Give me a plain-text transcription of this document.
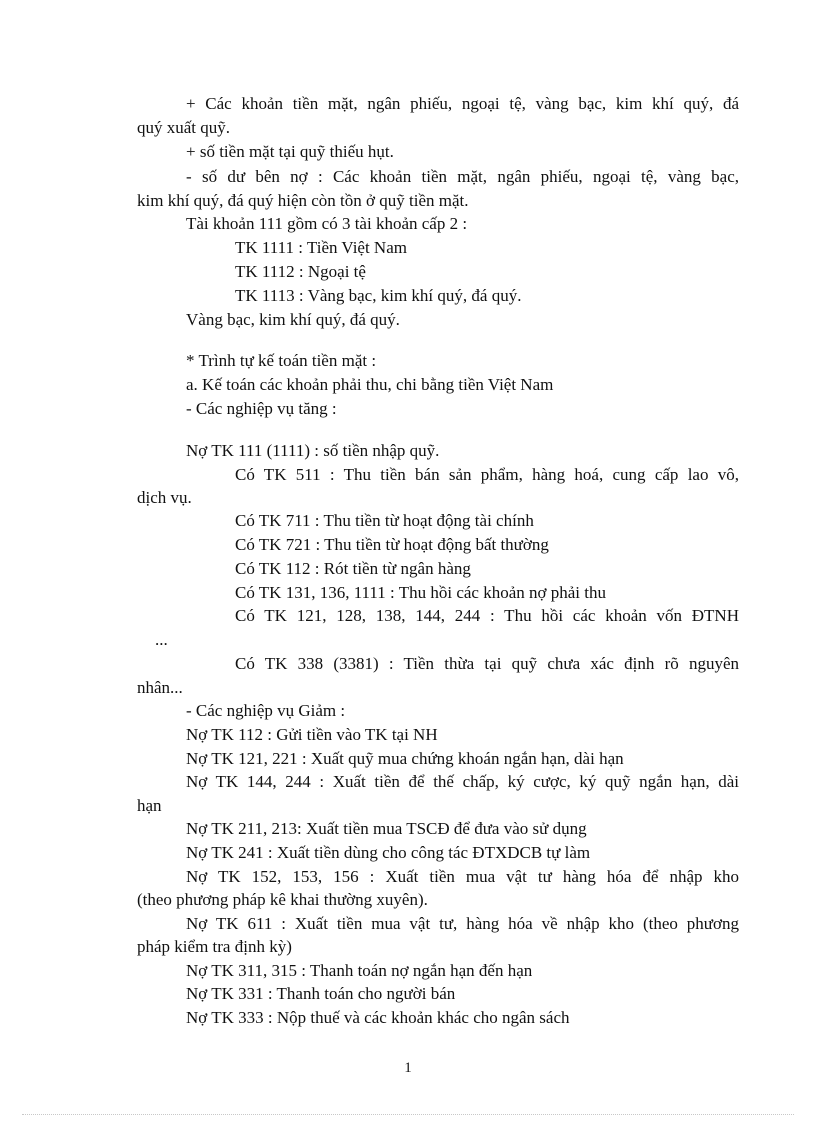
+ Các khoản tiền mặt, ngân phiếu, ngoại tệ, vàng bạc, kim khí quý, đá
quý xuất quỹ.
+ số tiền mặt tại quỹ thiếu hụt.
- số dư bên nợ : Các khoản tiền mặt, ngân phiếu, ngoại tệ, vàng bạc,
kim khí quý, đá quý hiện còn tồn ở quỹ tiền mặt.
Tài khoản 111 gồm có 3 tài khoản cấp 2 :
TK 1111 : Tiền Việt Nam
TK 1112 : Ngoại tệ
TK 1113 : Vàng bạc, kim khí quý, đá quý.
Vàng bạc, kim khí quý, đá quý.
* Trình tự kế toán tiền mặt :
a. Kế toán các khoản phải thu, chi bằng tiền Việt Nam
- Các nghiệp vụ tăng :
Nợ TK 111 (1111) : số tiền nhập quỹ.
Có TK 511 : Thu tiền bán sản phẩm, hàng hoá, cung cấp lao vô,
dịch vụ.
Có TK 711 : Thu tiền từ hoạt động tài chính
Có TK 721 : Thu tiền từ hoạt động bất thường
Có TK 112 : Rót tiền từ ngân hàng
Có TK 131, 136, 1111 : Thu hồi các khoản nợ phải thu
Có TK 121, 128, 138, 144, 244 : Thu hồi các khoản vốn ĐTNH
...
Có TK 338 (3381) : Tiền thừa tại quỹ chưa xác định rõ nguyên
nhân...
- Các nghiệp vụ Giảm :
Nợ TK 112 : Gửi tiền vào TK tại NH
Nợ TK 121, 221 : Xuất quỹ mua chứng khoán ngắn hạn, dài hạn
Nợ TK 144, 244 : Xuất tiền để thế chấp, ký cược, ký quỹ ngắn hạn, dài
hạn
Nợ TK 211, 213: Xuất tiền mua TSCĐ để đưa vào sử dụng
Nợ TK 241 : Xuất tiền dùng cho công tác ĐTXDCB tự làm
Nợ TK 152, 153, 156 : Xuất tiền mua vật tư hàng hóa để nhập kho
(theo phương pháp kê khai thường xuyên).
Nợ TK 611 : Xuất tiền mua vật tư, hàng hóa về nhập kho (theo phương
pháp kiểm tra định kỳ)
Nợ TK 311, 315 : Thanh toán nợ ngắn hạn đến hạn
Nợ TK 331 : Thanh toán cho người bán
Nợ TK 333 : Nộp thuế và các khoản khác cho ngân sách
1
